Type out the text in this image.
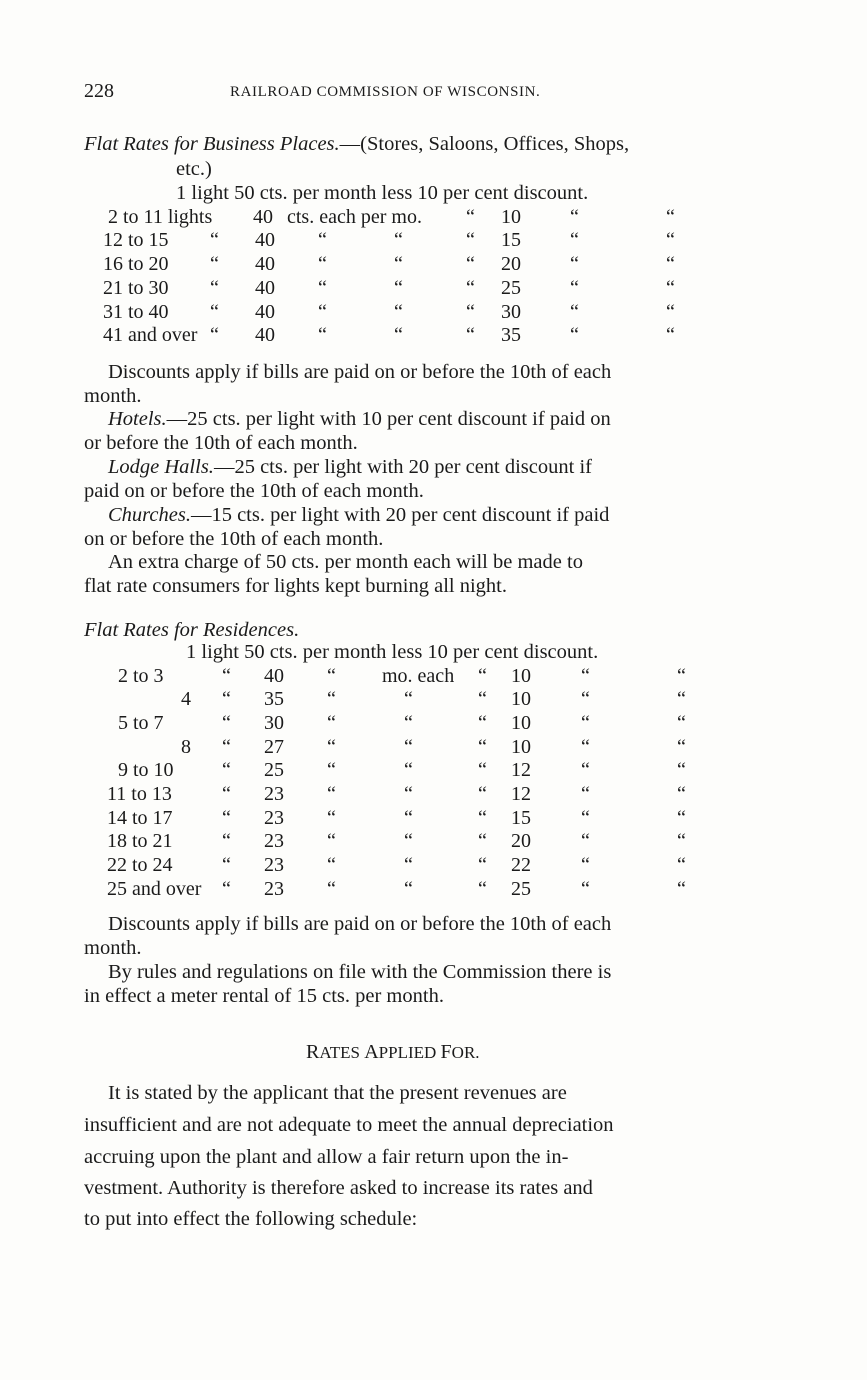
228	RAILROAD COMMISSION OF WISCONSIN.
Flat Rates for Business Places.—(Stores, Saloons, Offices, Shops,
etc.)
1 light 50 cts. per month less 10 per cent discount.
2 to 11 lights 40 cts. each per mo. “ 10 “	“
12 to 15 “ 40 “	“	“ 15 “	“
16 to 20 “ 40 “	“	“ 20 “	“
21 to 30 “ 40 “	“	“ 25 “	“
31 to 40 “ 40 “	“	“ 30 “	“
41 and over “ 40 “	“	“ 35 “	“
Discounts apply if bills are paid on or before the 10th of each
month.
Hotels.—25 cts. per light with 10 per cent discount if paid on
or before the 10th of each month.
Lodge Halls.—25 cts. per light with 20 per cent discount if
paid on or before the 10th of each month.
Churches.—15 cts. per light with 20 per cent discount if paid
on or before the 10th of each month.
An extra charge of 50 cts. per month each will be made to
flat rate consumers for lights kept burning all night.
Flat Rates for Residences.
1 light 50 cts. per month less 10 per cent discount.
2 to 3	“ 40 “ mo. each “ 10	“	“
4 “ 35 “	“	“ 10	“	“
5 to 7	“ 30 “	“	“ 10	“	“
8 “ 27 “	“	“ 10	“	“
9 to 10 “ 25 “	“	“ 12	“	“
11 to 13	“ 23 “	“	“ 12	“	“
14 to 17 “ 23 “	“	“ 15	“	“
18 to 21 “ 23 “	“	“ 20	“	“
22 to 24 “ 23 “	“	“ 22	“	“
25 and over “ 23 “	“	“ 25	“	“
Discounts apply if bills are paid on or before the 10th of each
month.
By rules and regulations on file with the Commission there is
in effect a meter rental of 15 cts. per month.
RATES APPLIED FOR.
It is stated by the applicant that the present revenues are
insufficient and are not adequate to meet the annual depreciation
accruing upon the plant and allow a fair return upon the in-
vestment. Authority is therefore asked to increase its rates and
to put into effect the following schedule:
